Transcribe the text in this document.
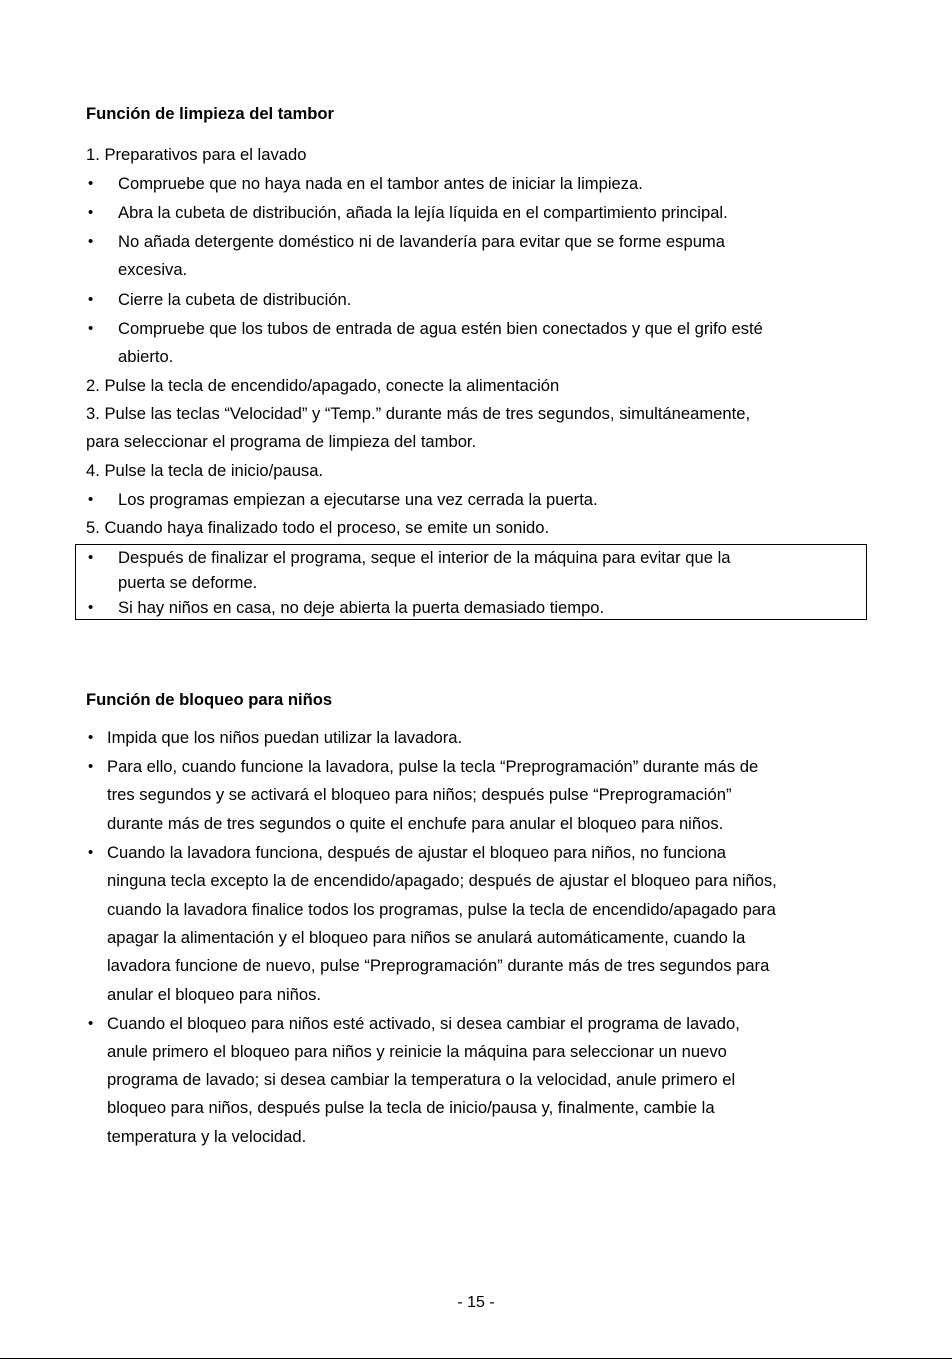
Función de limpieza del tambor
1. Preparativos para el lavado
• Compruebe que no haya nada en el tambor antes de iniciar la limpieza.
• Abra la cubeta de distribución, añada la lejía líquida en el compartimiento principal.
• No añada detergente doméstico ni de lavandería para evitar que se forme espuma
excesiva.
• Cierre la cubeta de distribución.
• Compruebe que los tubos de entrada de agua estén bien conectados y que el grifo esté
abierto.
2. Pulse la tecla de encendido/apagado, conecte la alimentación
3. Pulse las teclas “Velocidad” y “Temp.” durante más de tres segundos, simultáneamente,
para seleccionar el programa de limpieza del tambor.
4. Pulse la tecla de inicio/pausa.
• Los programas empiezan a ejecutarse una vez cerrada la puerta.
5. Cuando haya finalizado todo el proceso, se emite un sonido.
• Después de finalizar el programa, seque el interior de la máquina para evitar que la
puerta se deforme.
• Si hay niños en casa, no deje abierta la puerta demasiado tiempo.
Función de bloqueo para niños
• Impida que los niños puedan utilizar la lavadora.
• Para ello, cuando funcione la lavadora, pulse la tecla “Preprogramación” durante más de
tres segundos y se activará el bloqueo para niños; después pulse “Preprogramación”
durante más de tres segundos o quite el enchufe para anular el bloqueo para niños.
• Cuando la lavadora funciona, después de ajustar el bloqueo para niños, no funciona
ninguna tecla excepto la de encendido/apagado; después de ajustar el bloqueo para niños,
cuando la lavadora finalice todos los programas, pulse la tecla de encendido/apagado para
apagar la alimentación y el bloqueo para niños se anulará automáticamente, cuando la
lavadora funcione de nuevo, pulse “Preprogramación” durante más de tres segundos para
anular el bloqueo para niños.
• Cuando el bloqueo para niños esté activado, si desea cambiar el programa de lavado,
anule primero el bloqueo para niños y reinicie la máquina para seleccionar un nuevo
programa de lavado; si desea cambiar la temperatura o la velocidad, anule primero el
bloqueo para niños, después pulse la tecla de inicio/pausa y, finalmente, cambie la
temperatura y la velocidad.
- 15 -
